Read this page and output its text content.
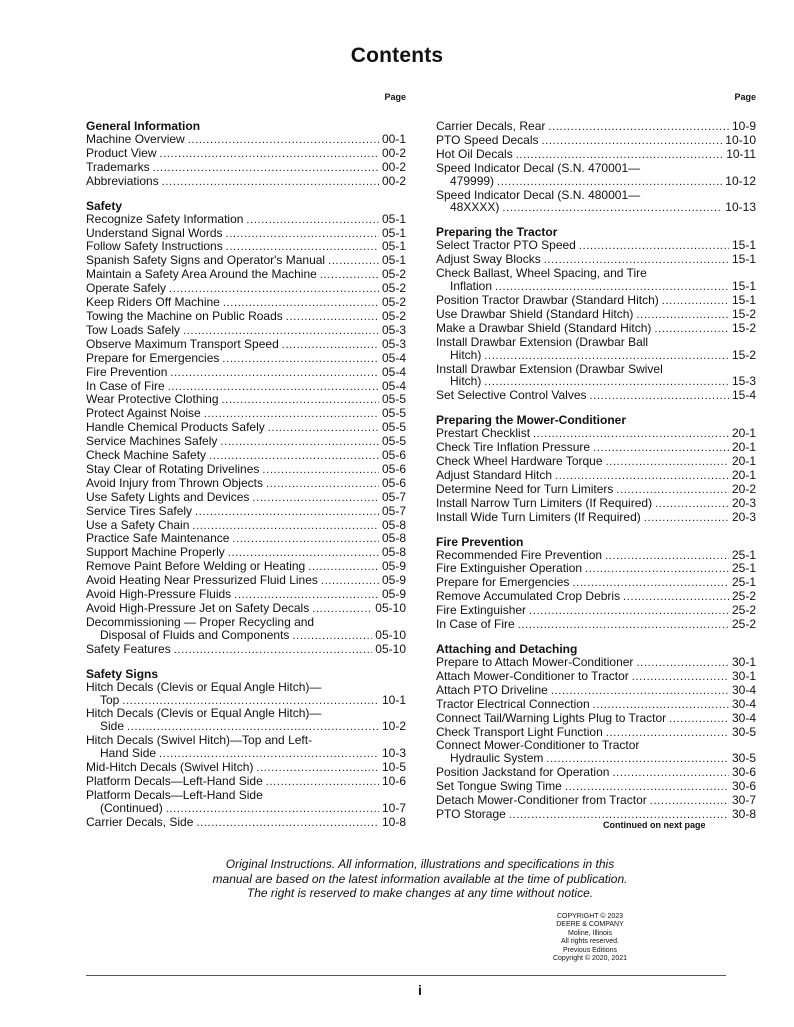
Contents
Page
General Information
Machine Overview . . .	00-1
Product View . . .	00-2
Trademarks . . .	00-2
Abbreviations . . .	00-2
Safety
Recognize Safety Information . . .	05-1
Understand Signal Words . . .	05-1
Follow Safety Instructions . . .	05-1
Spanish Safety Signs and Operator's Manual . . .	05-1
Maintain a Safety Area Around the Machine . . .	05-2
Operate Safely . . .	05-2
Keep Riders Off Machine . . .	05-2
Towing the Machine on Public Roads . . .	05-2
Tow Loads Safely . . .	05-3
Observe Maximum Transport Speed . . .	05-3
Prepare for Emergencies . . .	05-4
Fire Prevention . . .	05-4
In Case of Fire . . .	05-4
Wear Protective Clothing . . .	05-5
Protect Against Noise . . .	05-5
Handle Chemical Products Safely . . .	05-5
Service Machines Safely . . .	05-5
Check Machine Safety . . .	05-6
Stay Clear of Rotating Drivelines . . .	05-6
Avoid Injury from Thrown Objects . . .	05-6
Use Safety Lights and Devices . . .	05-7
Service Tires Safely . . .	05-7
Use a Safety Chain . . .	05-8
Practice Safe Maintenance . . .	05-8
Support Machine Properly . . .	05-8
Remove Paint Before Welding or Heating . . .	05-9
Avoid Heating Near Pressurized Fluid Lines . . .	05-9
Avoid High-Pressure Fluids . . .	05-9
Avoid High-Pressure Jet on Safety Decals . . .	05-10
Decommissioning — Proper Recycling and
Disposal of Fluids and Components . . .	05-10
Safety Features . . .	05-10
Safety Signs
Hitch Decals (Clevis or Equal Angle Hitch)—
Top . . .	10-1
Hitch Decals (Clevis or Equal Angle Hitch)—
Side . . .	10-2
Hitch Decals (Swivel Hitch)—Top and Left-
Hand Side . . .	10-3
Mid-Hitch Decals (Swivel Hitch) . . .	10-5
Platform Decals—Left-Hand Side . . .	10-6
Platform Decals—Left-Hand Side
(Continued) . . .	10-7
Carrier Decals, Side . . .	10-8
Page
Carrier Decals, Rear . . .	10-9
PTO Speed Decals . . .	10-10
Hot Oil Decals . . .	10-11
Speed Indicator Decal (S.N. 470001—
479999) . . .	10-12
Speed Indicator Decal (S.N. 480001—
48XXXX) . . .	10-13
Preparing the Tractor
Select Tractor PTO Speed . . .	15-1
Adjust Sway Blocks . . .	15-1
Check Ballast, Wheel Spacing, and Tire
Inflation . . .	15-1
Position Tractor Drawbar (Standard Hitch) . . .	15-1
Use Drawbar Shield (Standard Hitch) . . .	15-2
Make a Drawbar Shield (Standard Hitch) . . .	15-2
Install Drawbar Extension (Drawbar Ball
Hitch) . . .	15-2
Install Drawbar Extension (Drawbar Swivel
Hitch) . . .	15-3
Set Selective Control Valves . . .	15-4
Preparing the Mower-Conditioner
Prestart Checklist . . .	20-1
Check Tire Inflation Pressure . . .	20-1
Check Wheel Hardware Torque . . .	20-1
Adjust Standard Hitch . . .	20-1
Determine Need for Turn Limiters . . .	20-2
Install Narrow Turn Limiters (If Required) . . .	20-3
Install Wide Turn Limiters (If Required) . . .	20-3
Fire Prevention
Recommended Fire Prevention . . .	25-1
Fire Extinguisher Operation . . .	25-1
Prepare for Emergencies . . .	25-1
Remove Accumulated Crop Debris . . .	25-2
Fire Extinguisher . . .	25-2
In Case of Fire . . .	25-2
Attaching and Detaching
Prepare to Attach Mower-Conditioner . . .	30-1
Attach Mower-Conditioner to Tractor . . .	30-1
Attach PTO Driveline . . .	30-4
Tractor Electrical Connection . . .	30-4
Connect Tail/Warning Lights Plug to Tractor . . .	30-4
Check Transport Light Function . . .	30-5
Connect Mower-Conditioner to Tractor
Hydraulic System . . .	30-5
Position Jackstand for Operation . . .	30-6
Set Tongue Swing Time . . .	30-6
Detach Mower-Conditioner from Tractor . . .	30-7
PTO Storage . . .	30-8
Continued on next page
Original Instructions. All information, illustrations and specifications in this
manual are based on the latest information available at the time of publication.
The right is reserved to make changes at any time without notice.
COPYRIGHT © 2023
DEERE & COMPANY
Moline, Illinois
All rights reserved.
Previous Editions
Copyright © 2020, 2021
i
